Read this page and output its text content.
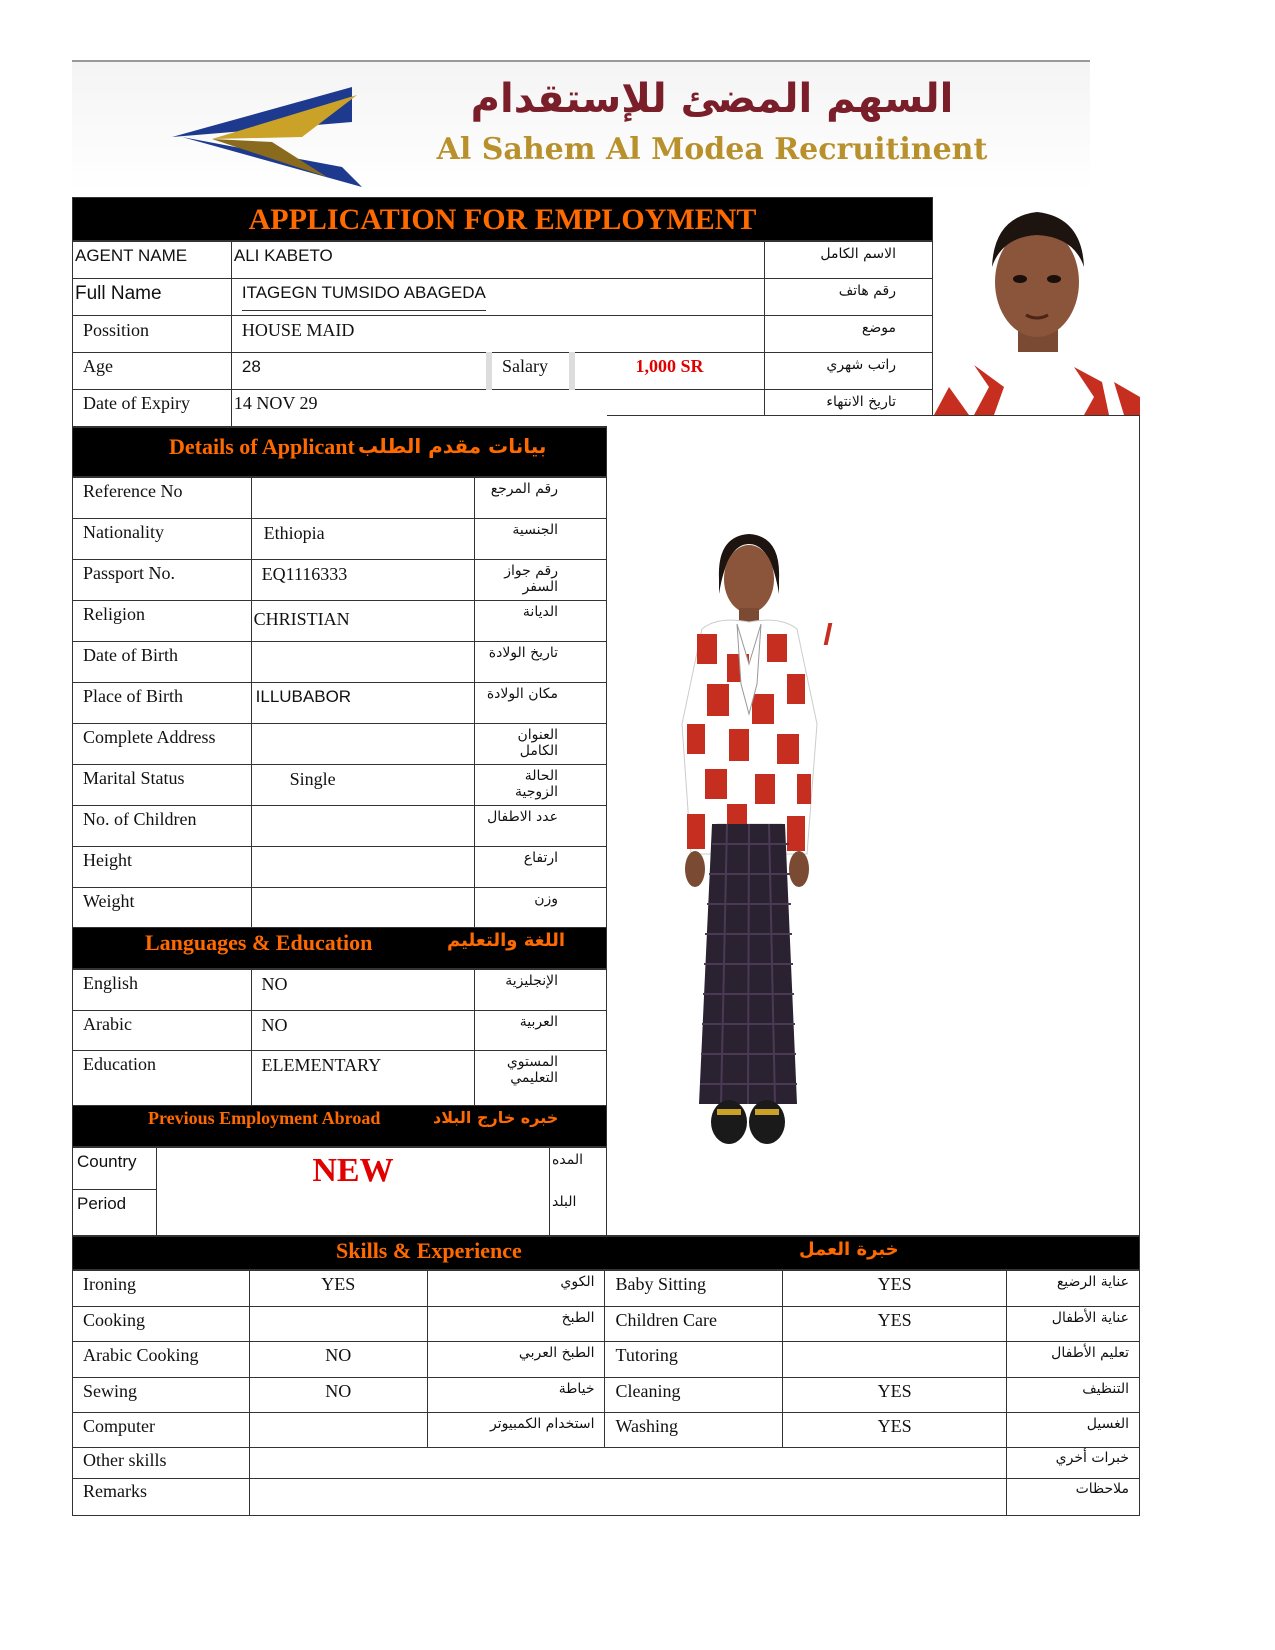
السهم المضئ للإستقدام
Al Sahem Al Modea Recruitinent
APPLICATION FOR EMPLOYMENT
AGENT NAME	ALI KABETO			الاسم الكامل
Full Name	ITAGEGN TUMSIDO ABAGEDA			رقم هاتف
Possition	HOUSE MAID			موضع
Age	28	Salary	1,000 SR	راتب شهري
Date of Expiry	14 NOV 29			تاريخ الانتهاء
Details of Applicant بيانات مقدم الطلب
Reference No		رقم المرجع
Nationality	Ethiopia	الجنسية
Passport No.	EQ1116333	رقم جواز السفر
Religion	CHRISTIAN	الديانة
Date of Birth		تاريخ الولادة
Place of Birth	ILLUBABOR	مكان الولادة
Complete Address		العنوان الكامل
Marital Status	Single	الحالة الزوجية
No. of Children		عدد الاطفال
Height		ارتفاع
Weight		وزن
Languages & Education	اللغة والتعليم
English	NO	الإنجليزية
Arabic	NO	العربية
Education	ELEMENTARY	المستوي التعليمي
Previous Employment Abroad	خبره خارج البلاد
Country	NEW	المده
Period		البلد
Skills & Experience	خبرة العمل
Ironing	YES	الكوي	Baby Sitting	YES	عناية الرضيع
Cooking		الطبخ	Children Care	YES	عناية الأطفال
Arabic Cooking	NO	الطبخ العربي	Tutoring		تعليم الأطفال
Sewing	NO	خياطة	Cleaning	YES	التنظيف
Computer		استخدام الكمبيوتر	Washing	YES	الغسيل
Other skills					خبرات أخري
Remarks					ملاحظات
